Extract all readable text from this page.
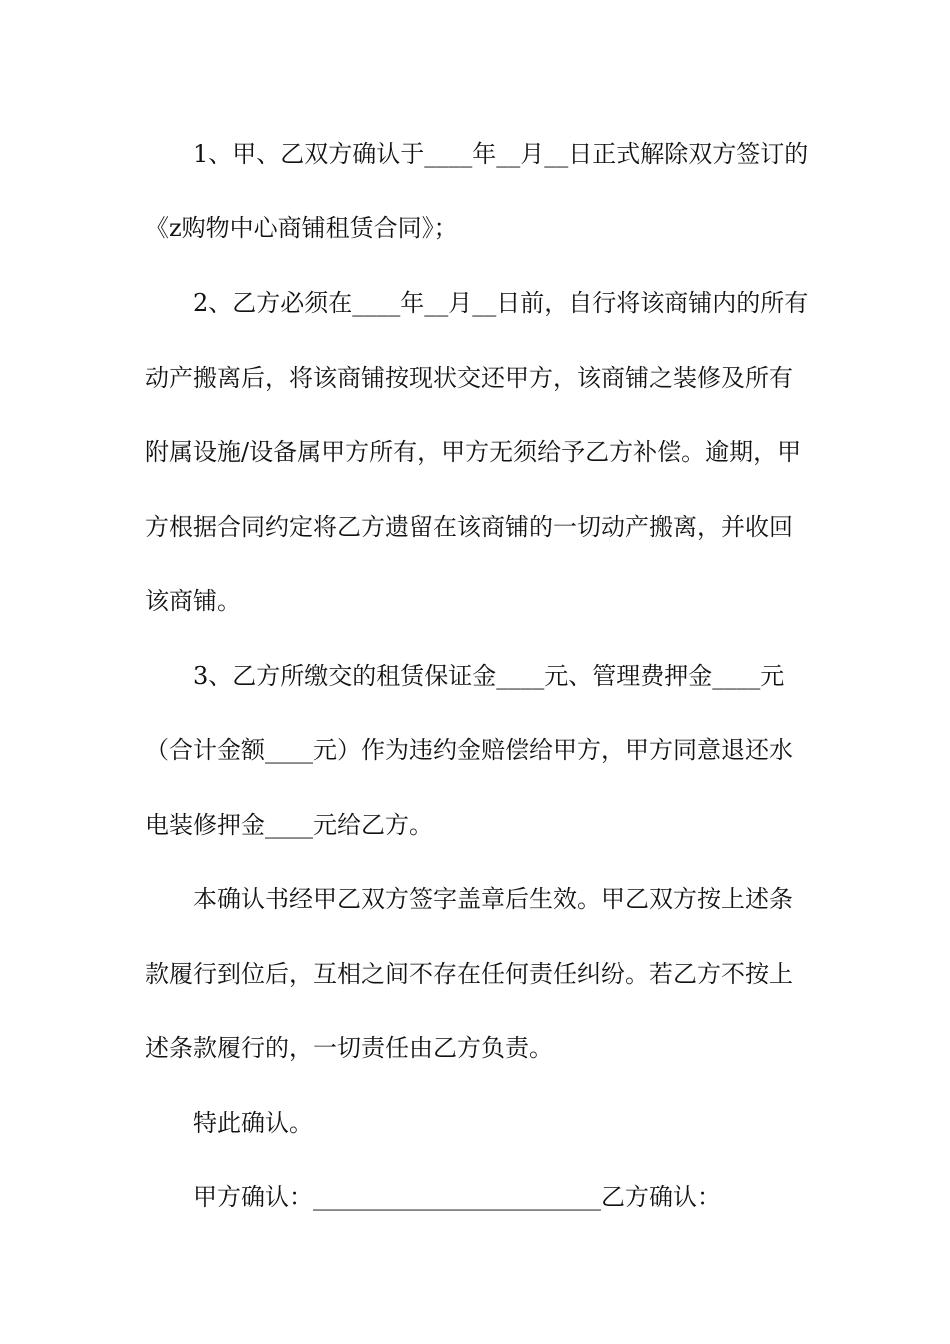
1、甲、乙双方确认于____年__月__日正式解除双方签订的

《z购物中心商铺租赁合同》；

2、乙方必须在____年__月__日前，自行将该商铺内的所有

动产搬离后，将该商铺按现状交还甲方，该商铺之装修及所有

附属设施/设备属甲方所有，甲方无须给予乙方补偿。逾期，甲

方根据合同约定将乙方遗留在该商铺的一切动产搬离，并收回

该商铺。

3、乙方所缴交的租赁保证金____元、管理费押金____元

（合计金额____元）作为违约金赔偿给甲方，甲方同意退还水

电装修押金____元给乙方。

本确认书经甲乙双方签字盖章后生效。甲乙双方按上述条

款履行到位后，互相之间不存在任何责任纠纷。若乙方不按上

述条款履行的，一切责任由乙方负责。

特此确认。

甲方确认：________________________乙方确认：
